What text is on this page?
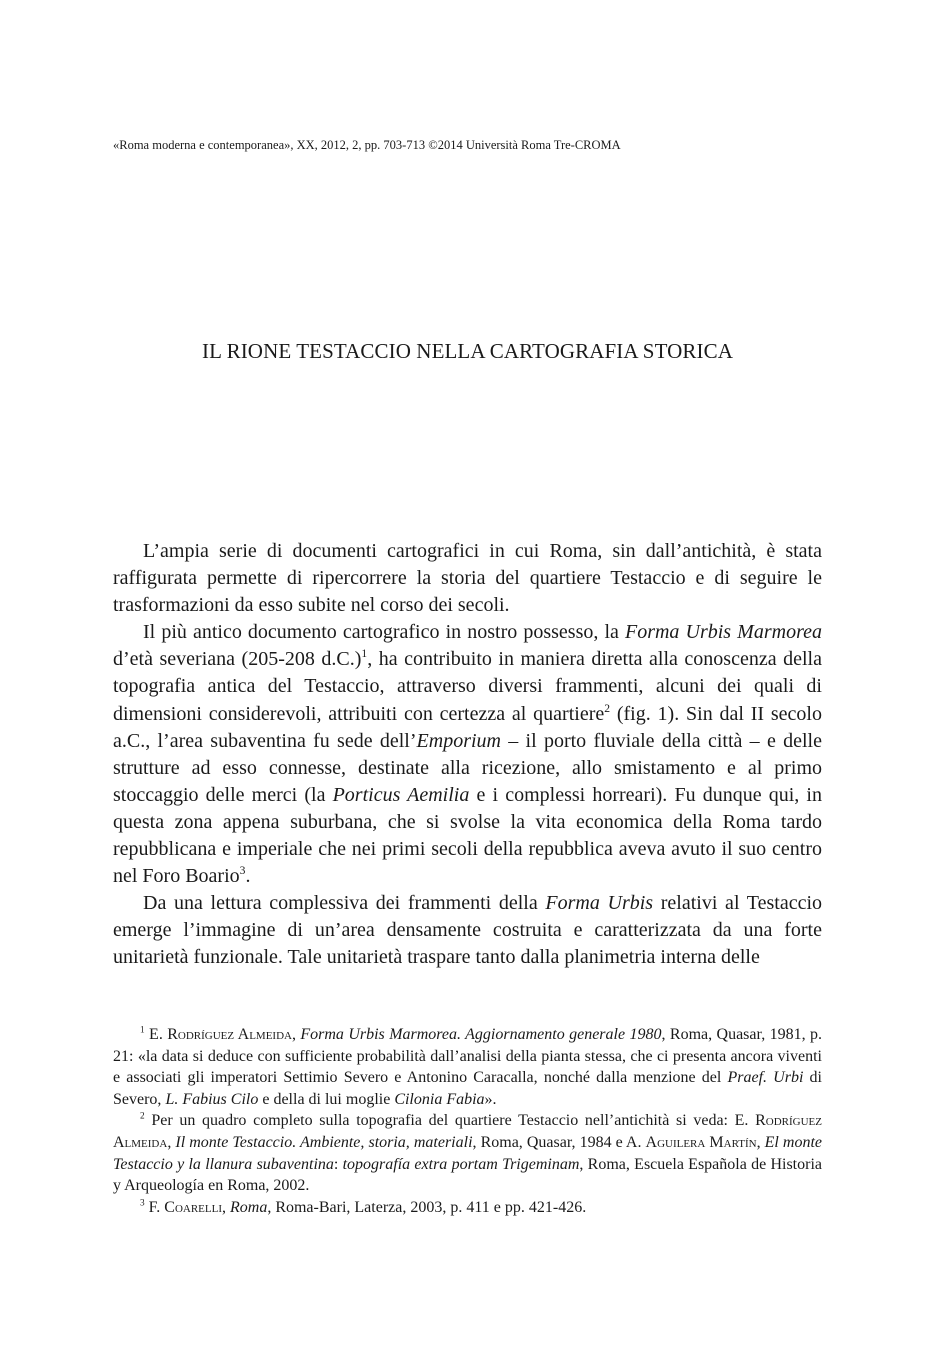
«Roma moderna e contemporanea», XX, 2012, 2, pp. 703-713 ©2014 Università Roma Tre-CROMA
IL RIONE TESTACCIO NELLA CARTOGRAFIA STORICA

L’ampia serie di documenti cartografici in cui Roma, sin dall’antichità, è stata raffigurata permette di ripercorrere la storia del quartiere Testaccio e di seguire le trasformazioni da esso subite nel corso dei secoli.

Il più antico documento cartografico in nostro possesso, la Forma Urbis Marmorea d’età severiana (205-208 d.C.)$^1$, ha contribuito in maniera diretta alla conoscenza della topografia antica del Testaccio, attraverso diversi frammenti, alcuni dei quali di dimensioni considerevoli, attribuiti con certezza al quartiere$^2$ (fig. 1). Sin dal II secolo a.C., l’area subaventina fu sede dell’Emporium – il porto fluviale della città – e delle strutture ad esso connesse, destinate alla ricezione, allo smistamento e al primo stoccaggio delle merci (la Porticus Aemilia e i complessi horreari). Fu dunque qui, in questa zona appena suburbana, che si svolse la vita economica della Roma tardo repubblicana e imperiale che nei primi secoli della repubblica aveva avuto il suo centro nel Foro Boario$^3$.

Da una lettura complessiva dei frammenti della Forma Urbis relativi al Testaccio emerge l’immagine di un’area densamente costruita e caratterizzata da una forte unitarietà funzionale. Tale unitarietà traspare tanto dalla planimetria interna delle

$^1$ E. Rodríguez Almeida, Forma Urbis Marmorea. Aggiornamento generale 1980, Roma, Quasar, 1981, p. 21: «la data si deduce con sufficiente probabilità dall’analisi della pianta stessa, che ci presenta ancora viventi e associati gli imperatori Settimio Severo e Antonino Caracalla, nonché dalla menzione del Praef. Urbi di Severo, L. Fabius Cilo e della di lui moglie Cilonia Fabia».

$^2$ Per un quadro completo sulla topografia del quartiere Testaccio nell’antichità si veda: E. Rodríguez Almeida, Il monte Testaccio. Ambiente, storia, materiali, Roma, Quasar, 1984 e A. Aguilera Martín, El monte Testaccio y la llanura subaventina: topografía extra portam Trigeminam, Roma, Escuela Española de Historia y Arqueología en Roma, 2002.

$^3$ F. Coarelli, Roma, Roma-Bari, Laterza, 2003, p. 411 e pp. 421-426.
